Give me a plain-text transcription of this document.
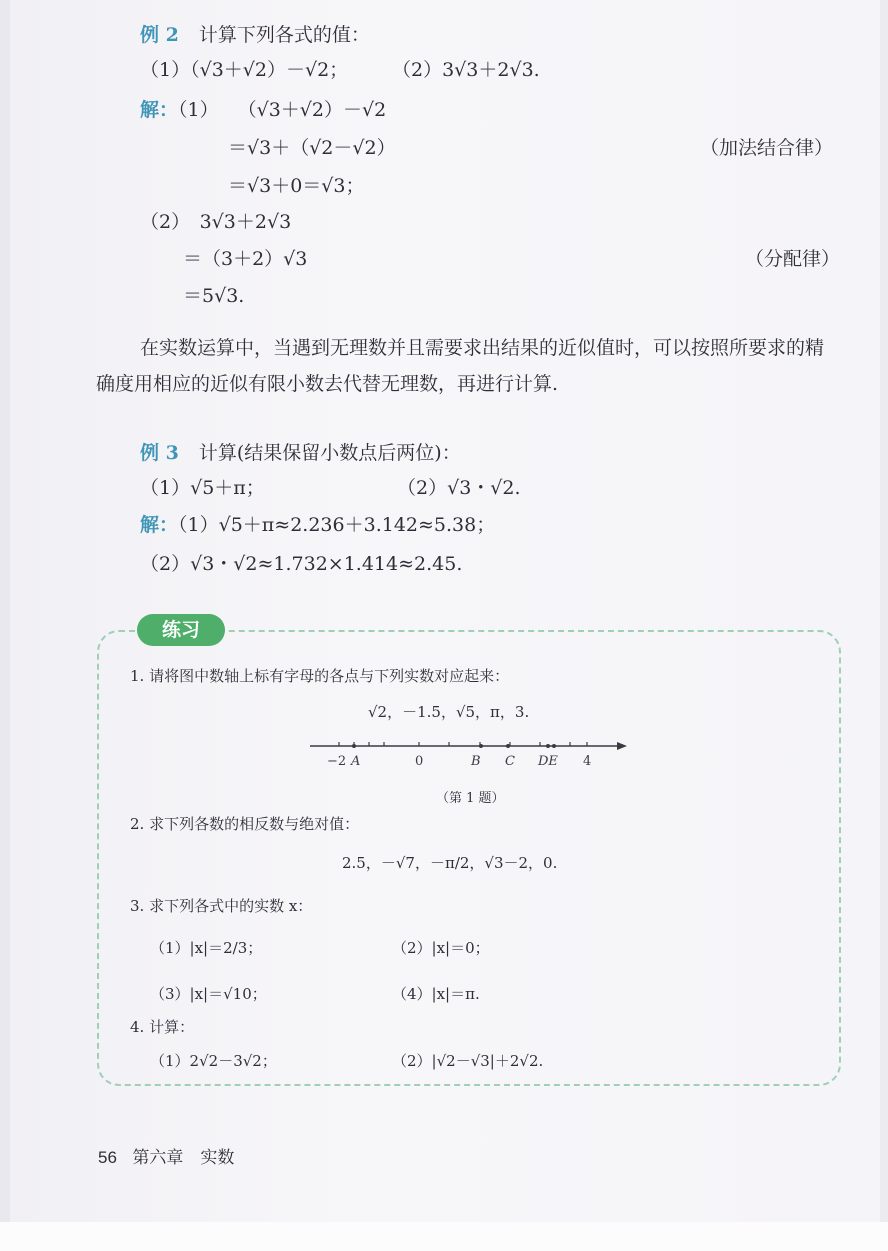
例 2 计算下列各式的值：
（1）（√3＋√2）－√2； （2）3√3＋2√3.
解：（1）　　（√3＋√2）－√2
＝√3＋（√2－√2）	（加法结合律）
＝√3＋0＝√3；
（2）　3√3＋2√3
＝（3＋2）√3	（分配律）
＝5√3.
在实数运算中，当遇到无理数并且需要求出结果的近似值时，可以按照所要求的精确度用相应的近似有限小数去代替无理数，再进行计算.
例 3 计算(结果保留小数点后两位)：
（1）√5＋π；	（2）√3・√2.
解：（1）√5＋π≈2.236＋3.142≈5.38；
（2）√3・√2≈1.732×1.414≈2.45.
练习
1. 请将图中数轴上标有字母的各点与下列实数对应起来：
√2，－1.5，√5，π，3.
−2 A	0	B C DE 4
（第 1 题）
2. 求下列各数的相反数与绝对值：
2.5，－√7，－π/2，√3－2，0.
3. 求下列各式中的实数 x：
（1）|x|＝2/3；	（2）|x|＝0；
（3）|x|＝√10；	（4）|x|＝π.
4. 计算：
（1）2√2－3√2；	（2）|√2－√3|＋2√2.
56 第六章　实数
